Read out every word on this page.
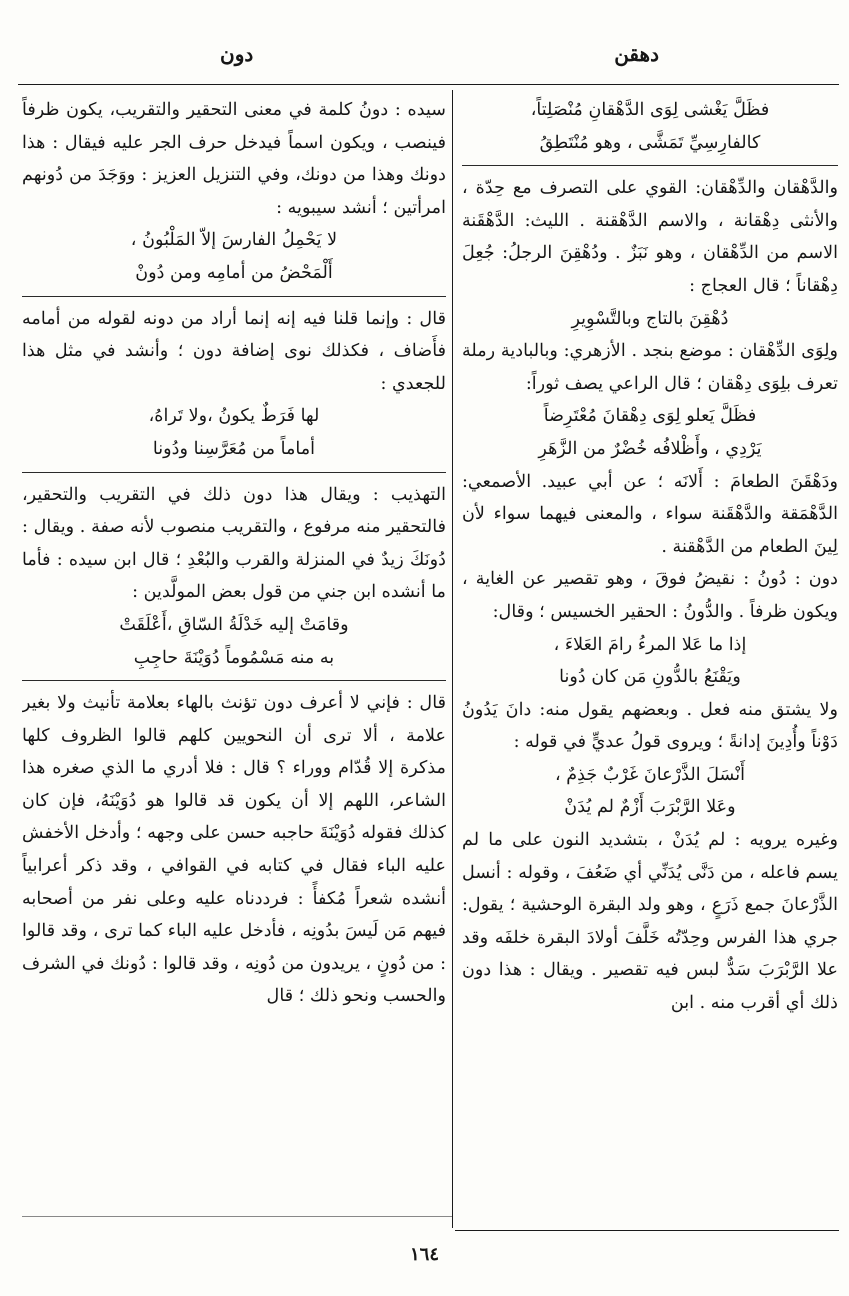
دهقن
دون
فظَلَّ يَغْشى لِوَى الدَّهْقانِ مُنْصَلِتاً،
كالفارِسِيِّ تَمَشَّى ، وهو مُنْتَطِقُ

والدَّهْقان والدِّهْقان: القوي على التصرف مع حِدّة ، والأنثى دِهْقانة ، والاسم الدَّهْقنة . الليث: الدَّهْقَنة الاسم من الدِّهْقان ، وهو نَبَزٌ . ودُهْقِنَ الرجلُ: جُعِلَ دِهْقاناً ؛ قال العجاج :

دُهْقِنَ بالتاج وبالتَّسْوِيرِ

ولِوَى الدِّهْقان : موضع بنجد . الأزهري: وبالبادية رملة تعرف بلِوَى دِهْقان ؛ قال الراعي يصف ثوراً:

فظَلَّ يَعلو لِوَى دِهْقانَ مُعْتَرِضاً
يَرْدِي ، وأَظْلافُه خُضْرٌ من الزَّهَرِ

ودَهْقَنَ الطعامَ : أَلانَه ؛ عن أبي عبيد. الأصمعي: الدَّهْمَقة والدَّهْقَنة سواء ، والمعنى فيهما سواء لأن لِينَ الطعام من الدَّهْقنة .

دون : دُونُ : نقيضُ فوقَ ، وهو تقصير عن الغاية ، ويكون ظرفاً . والدُّونُ : الحقير الخسيس ؛ وقال:

إذا ما عَلا المرءُ رامَ العَلاءَ ،
ويَقْنَعُ بالدُّونِ مَن كان دُونا

ولا يشتق منه فعل . وبعضهم يقول منه: دانَ يَدُونُ دَوْناً وأُدِينَ إدانةً ؛ ويروى قولُ عديٍّ في قوله :

أَنْسَلَ الذَّرْعانَ غَرْبٌ جَذِمٌ ،
وعَلا الرَّبْرَبَ أَزْمٌ لم يُدَنْ

وغيره يرويه : لم يُدَنْ ، بتشديد النون على ما لم يسم فاعله ، من دَنَّى يُدَنِّي أي ضَعُفَ ، وقوله : أنسل الذَّرْعانَ جمع ذَرَعٍ ، وهو ولد البقرة الوحشية ؛ يقول: جري هذا الفرس وحِدّتُه خَلَّفَ أولادَ البقرة خلفَه وقد علا الرَّبْرَبَ سَدٌّ لبس فيه تقصير . ويقال : هذا دون ذلك أي أقرب منه . ابن

سيده : دونُ كلمة في معنى التحقير والتقريب، يكون ظرفاً فينصب ، ويكون اسماً فيدخل حرف الجر عليه فيقال : هذا دونك وهذا من دونك، وفي التنزيل العزيز : ووَجَدَ من دُونهم امرأتين ؛ أنشد سيبويه :

لا يَحْمِلُ الفارسَ إلاّ المَلْبُونُ ،
أَلْمَحْضُ من أمامِه ومن دُونْ

قال : وإنما قلنا فيه إنه إنما أراد من دونه لقوله من أمامه فأَضاف ، فكذلك نوى إضافة دون ؛ وأنشد في مثل هذا للجعدي :

لها فَرَطٌ يكونُ ،ولا تَراهُ،
أماماً من مُعَرَّسِنا ودُونا

التهذيب : ويقال هذا دون ذلك في التقريب والتحقير، فالتحقير منه مرفوع ، والتقريب منصوب لأنه صفة . ويقال : دُونَكَ زيدٌ في المنزلة والقرب والبُعْدِ ؛ قال ابن سيده : فأما ما أنشده ابن جني من قول بعض المولَّدين :

وقامَتْ إليه خَدْلَةُ السّاقِ ،أَعْلَقَتْ
به منه مَسْمُوماً دُوَيْنَةَ حاجِبِ

قال : فإني لا أعرف دون تؤنث بالهاء بعلامة تأنيث ولا بغير علامة ، ألا ترى أن النحويين كلهم قالوا الظروف كلها مذكرة إلا قُدّام ووراء ؟ قال : فلا أدري ما الذي صغره هذا الشاعر، اللهم إلا أن يكون قد قالوا هو دُوَيْنَهُ، فإن كان كذلك فقوله دُوَيْنَةَ حاجبه حسن على وجهه ؛ وأدخل الأخفش عليه الباء فقال في كتابه في القوافي ، وقد ذكر أعرابياً أنشده شعراً مُكفأً : فرددناه عليه وعلى نفر من أصحابه فيهم مَن لَيسَ بدُونِه ، فأدخل عليه الباء كما ترى ، وقد قالوا : من دُونٍ ، يريدون من دُونِه ، وقد قالوا : دُونك في الشرف والحسب ونحو ذلك ؛ قال

١٦٤
